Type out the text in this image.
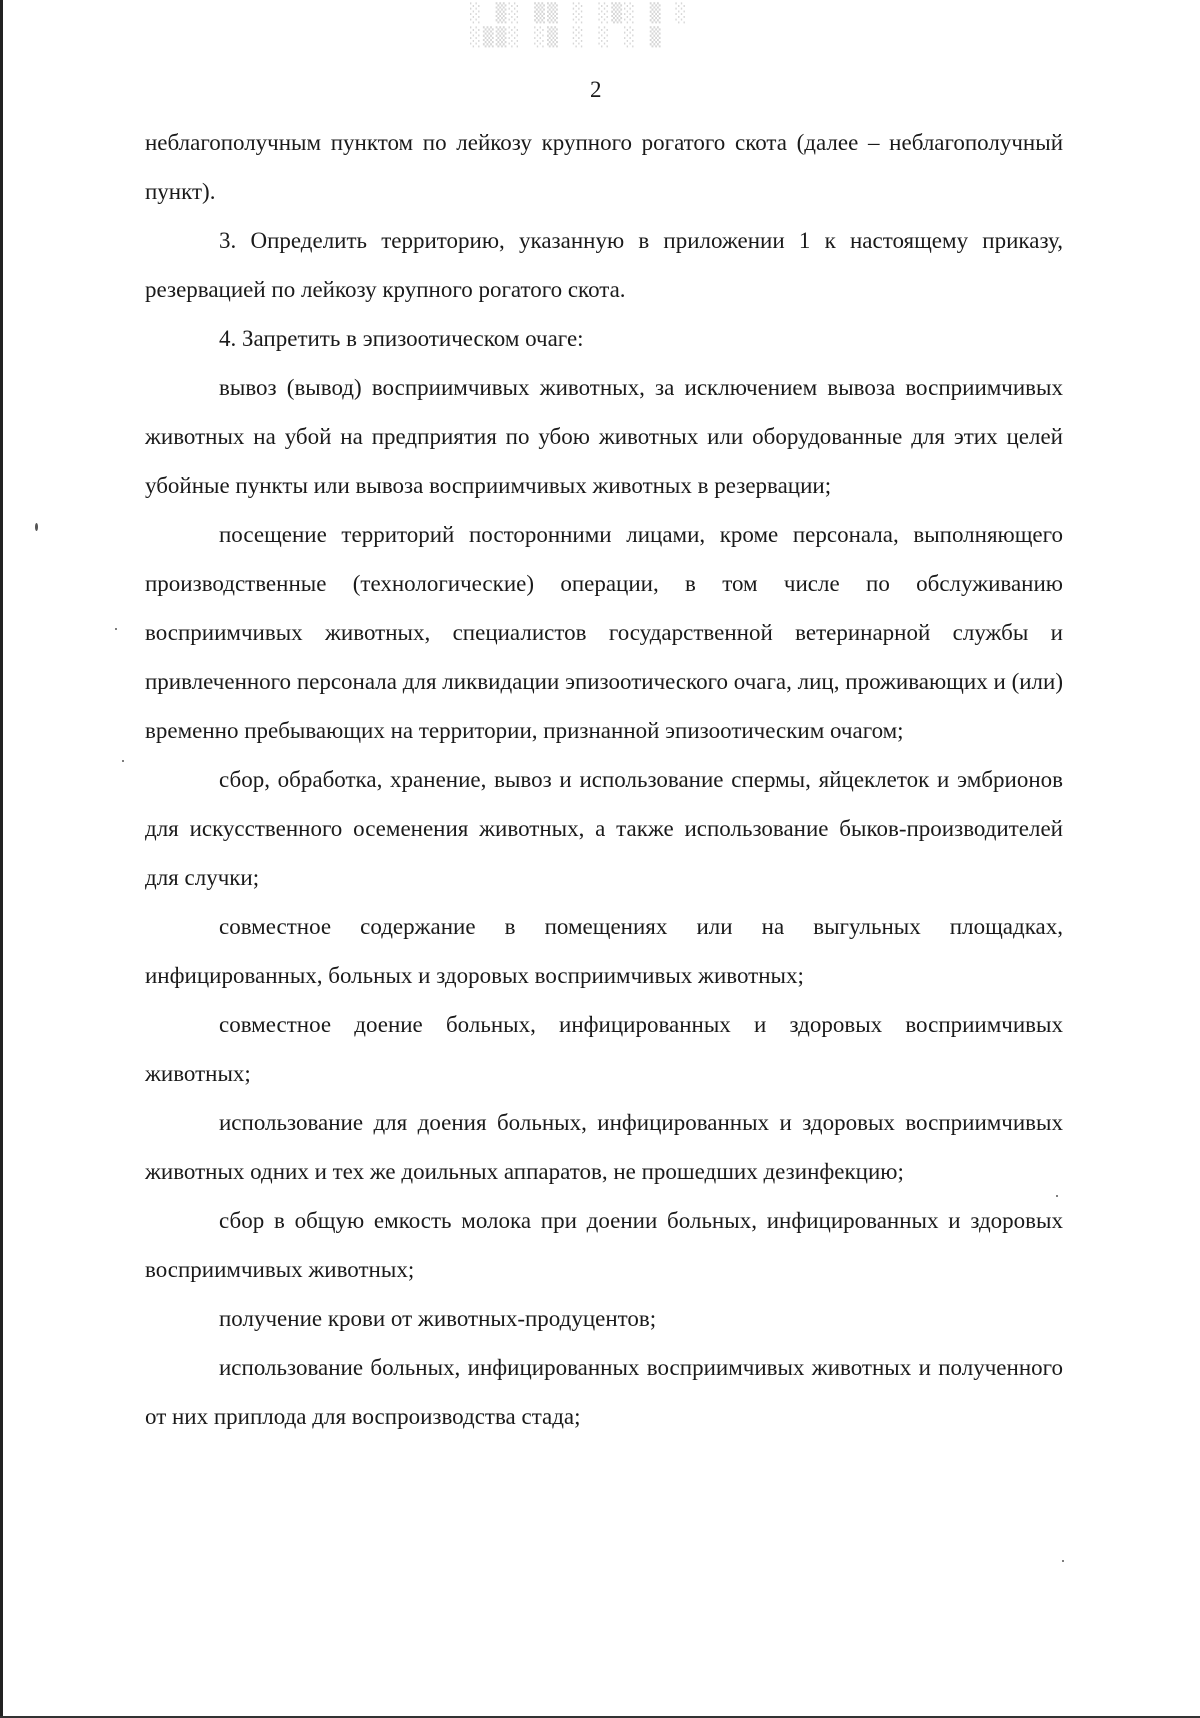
░ ▒░ ▒▒ ░ ░▒░ ▒ ░
░▒▒░ ░▒ ░ ░ ░ ▒
2

неблагополучным пунктом по лейкозу крупного рогатого скота (далее – неблагополучный пункт).

3. Определить территорию, указанную в приложении 1 к настоящему приказу, резервацией по лейкозу крупного рогатого скота.

4. Запретить в эпизоотическом очаге:

вывоз (вывод) восприимчивых животных, за исключением вывоза восприимчивых животных на убой на предприятия по убою животных или оборудованные для этих целей убойные пункты или вывоза восприимчивых животных в резервации;

посещение территорий посторонними лицами, кроме персонала, выполняющего производственные (технологические) операции, в том числе по обслуживанию восприимчивых животных, специалистов государственной ветеринарной службы и привлеченного персонала для ликвидации эпизоотического очага, лиц, проживающих и (или) временно пребывающих на территории, признанной эпизоотическим очагом;

сбор, обработка, хранение, вывоз и использование спермы, яйцеклеток и эмбрионов для искусственного осеменения животных, а также использование быков-производителей для случки;

совместное содержание в помещениях или на выгульных площадках, инфицированных, больных и здоровых восприимчивых животных;

совместное доение больных, инфицированных и здоровых восприимчивых животных;

использование для доения больных, инфицированных и здоровых восприимчивых животных одних и тех же доильных аппаратов, не прошедших дезинфекцию;

сбор в общую емкость молока при доении больных, инфицированных и здоровых восприимчивых животных;

получение крови от животных-продуцентов;

использование больных, инфицированных восприимчивых животных и полученного от них приплода для воспроизводства стада;
